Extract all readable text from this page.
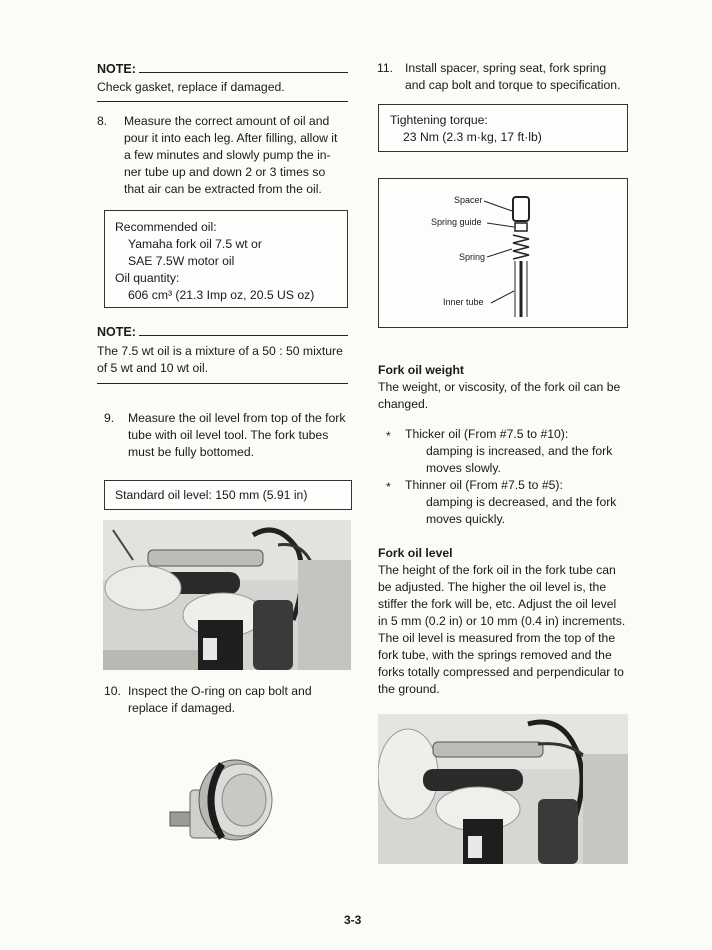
NOTE:
Check gasket, replace if damaged.
8. Measure the correct amount of oil and
pour it into each leg. After filling, allow it
a few minutes and slowly pump the in-
ner tube up and down 2 or 3 times so
that air can be extracted from the oil.
Recommended oil:
Yamaha fork oil 7.5 wt or
SAE 7.5W motor oil
Oil quantity:
606 cm³ (21.3 Imp oz, 20.5 US oz)
NOTE:
The 7.5 wt oil is a mixture of a 50 : 50 mixture
of 5 wt and 10 wt oil.
9. Measure the oil level from top of the fork
tube with oil level tool. The fork tubes
must be fully bottomed.
Standard oil level: 150 mm (5.91 in)
10. Inspect the O-ring on cap bolt and
replace if damaged.
11. Install spacer, spring seat, fork spring
and cap bolt and torque to specification.
Tightening torque:
23 Nm (2.3 m·kg, 17 ft·lb)
Spacer
Spring guide
Spring
Inner tube
Fork oil weight
The weight, or viscosity, of the fork oil can be
changed.
* Thicker oil (From #7.5 to #10):
damping is increased, and the fork
moves slowly.
* Thinner oil (From #7.5 to #5):
damping is decreased, and the fork
moves quickly.
Fork oil level
The height of the fork oil in the fork tube can
be adjusted. The higher the oil level is, the
stiffer the fork will be, etc. Adjust the oil level
in 5 mm (0.2 in) or 10 mm (0.4 in) increments.
The oil level is measured from the top of the
fork tube, with the springs removed and the
forks totally compressed and perpendicular to
the ground.
3-3
